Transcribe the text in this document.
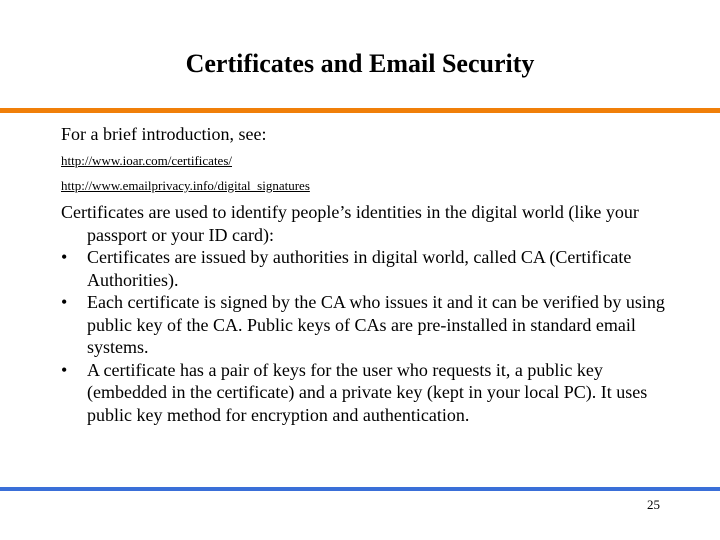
Certificates and Email Security
For a brief introduction, see:
http://www.ioar.com/certificates/
http://www.emailprivacy.info/digital_signatures

Certificates are used to identify people’s identities in the digital world (like your passport or your ID card):

• Certificates are issued by authorities in digital world, called CA (Certificate Authorities).
• Each certificate is signed by the CA who issues it and it can be verified by using public key of the CA. Public keys of CAs are pre-installed in standard email systems.
• A certificate has a pair of keys for the user who requests it, a public key (embedded in the certificate) and a private key (kept in your local PC). It uses public key method for encryption and authentication.
25
